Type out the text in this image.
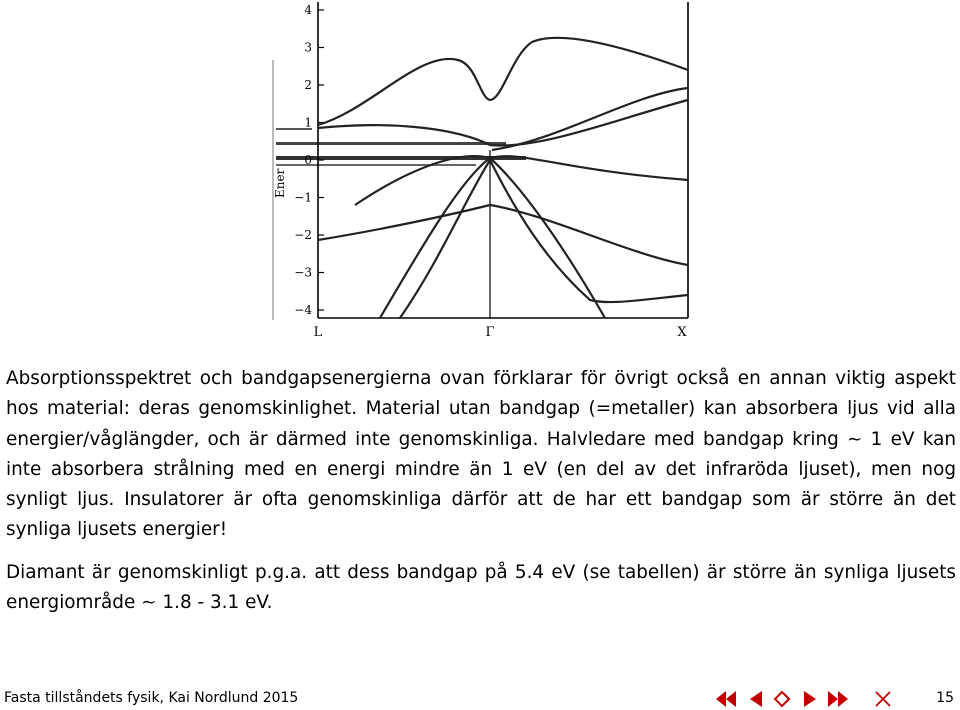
4
3
2
1
0
−1
−2
−3
−4
Ener
L	Γ	X

Absorptionsspektret och bandgapsenergierna ovan förklarar för övrigt också en annan viktig aspekt hos material: deras genomskinlighet. Material utan bandgap (=metaller) kan absorbera ljus vid alla energier/våglängder, och är därmed inte genomskinliga. Halvledare med bandgap kring ∼ 1 eV kan inte absorbera strålning med en energi mindre än 1 eV (en del av det infraröda ljuset), men nog synligt ljus. Insulatorer är ofta genomskinliga därför att de har ett bandgap som är större än det synliga ljusets energier!

Diamant är genomskinligt p.g.a. att dess bandgap på 5.4 eV (se tabellen) är större än synliga ljusets energiområde ∼ 1.8 - 3.1 eV.

Fasta tillståndets fysik, Kai Nordlund 2015	15
